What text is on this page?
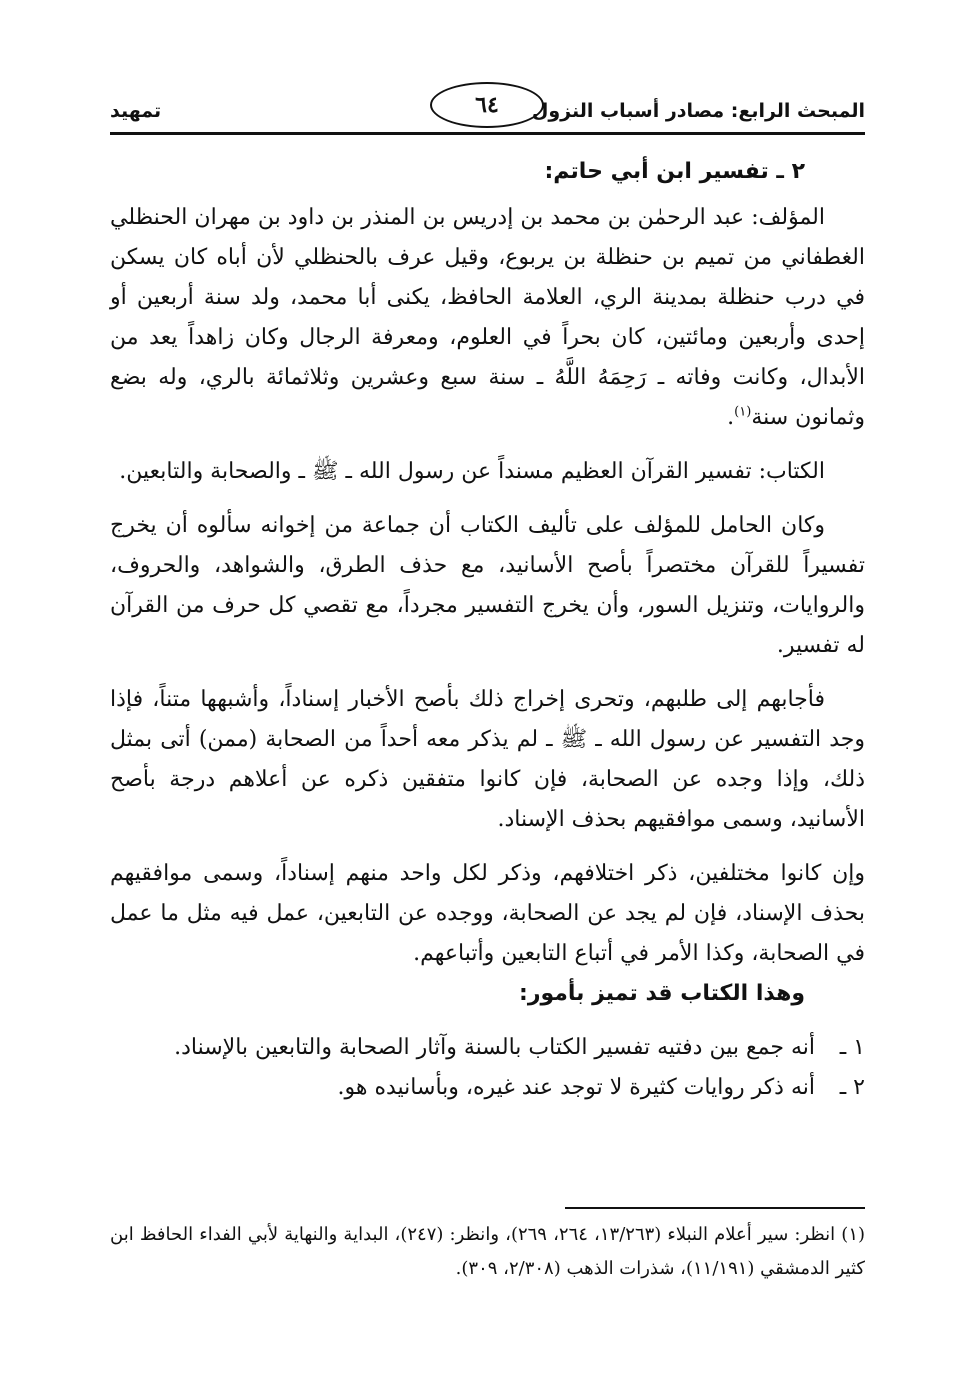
المبحث الرابع: مصادر أسباب النزول
٦٤
تمهيد

٢ ـ تفسير ابن أبي حاتم:

المؤلف: عبد الرحمٰن بن محمد بن إدريس بن المنذر بن داود بن مهران الحنظلي الغطفاني من تميم بن حنظلة بن يربوع، وقيل عرف بالحنظلي لأن أباه كان يسكن في درب حنظلة بمدينة الري، العلامة الحافظ، يكنى أبا محمد، ولد سنة أربعين أو إحدى وأربعين ومائتين، كان بحراً في العلوم، ومعرفة الرجال وكان زاهداً يعد من الأبدال، وكانت وفاته ـ رَحِمَهُ اللَّهُ ـ سنة سبع وعشرين وثلاثمائة بالري، وله بضع وثمانون سنة$^{(١)}$.

الكتاب: تفسير القرآن العظيم مسنداً عن رسول الله ـ ﷺ ـ والصحابة والتابعين.

وكان الحامل للمؤلف على تأليف الكتاب أن جماعة من إخوانه سألوه أن يخرج تفسيراً للقرآن مختصراً بأصح الأسانيد، مع حذف الطرق، والشواهد، والحروف، والروايات، وتنزيل السور، وأن يخرج التفسير مجرداً، مع تقصي كل حرف من القرآن له تفسير.

فأجابهم إلى طلبهم، وتحرى إخراج ذلك بأصح الأخبار إسناداً، وأشبهها متناً، فإذا وجد التفسير عن رسول الله ـ ﷺ ـ لم يذكر معه أحداً من الصحابة (ممن) أتى بمثل ذلك، وإذا وجده عن الصحابة، فإن كانوا متفقين ذكره عن أعلاهم درجة بأصح الأسانيد، وسمى موافقيهم بحذف الإسناد.

وإن كانوا مختلفين، ذكر اختلافهم، وذكر لكل واحد منهم إسناداً، وسمى موافقيهم بحذف الإسناد، فإن لم يجد عن الصحابة، ووجده عن التابعين، عمل فيه مثل ما عمل في الصحابة، وكذا الأمر في أتباع التابعين وأتباعهم.

وهذا الكتاب قد تميز بأمور:

١ ـ
أنه جمع بين دفتيه تفسير الكتاب بالسنة وآثار الصحابة والتابعين بالإسناد.
٢ ـ
أنه ذكر روايات كثيرة لا توجد عند غيره، وبأسانيده هو.

(١) انظر: سير أعلام النبلاء (١٣/٢٦٣، ٢٦٤، ٢٦٩)، وانظر: (٢٤٧)، البداية والنهاية لأبي الفداء الحافظ ابن كثير الدمشقي (١١/١٩١)، شذرات الذهب (٢/٣٠٨، ٣٠٩).
